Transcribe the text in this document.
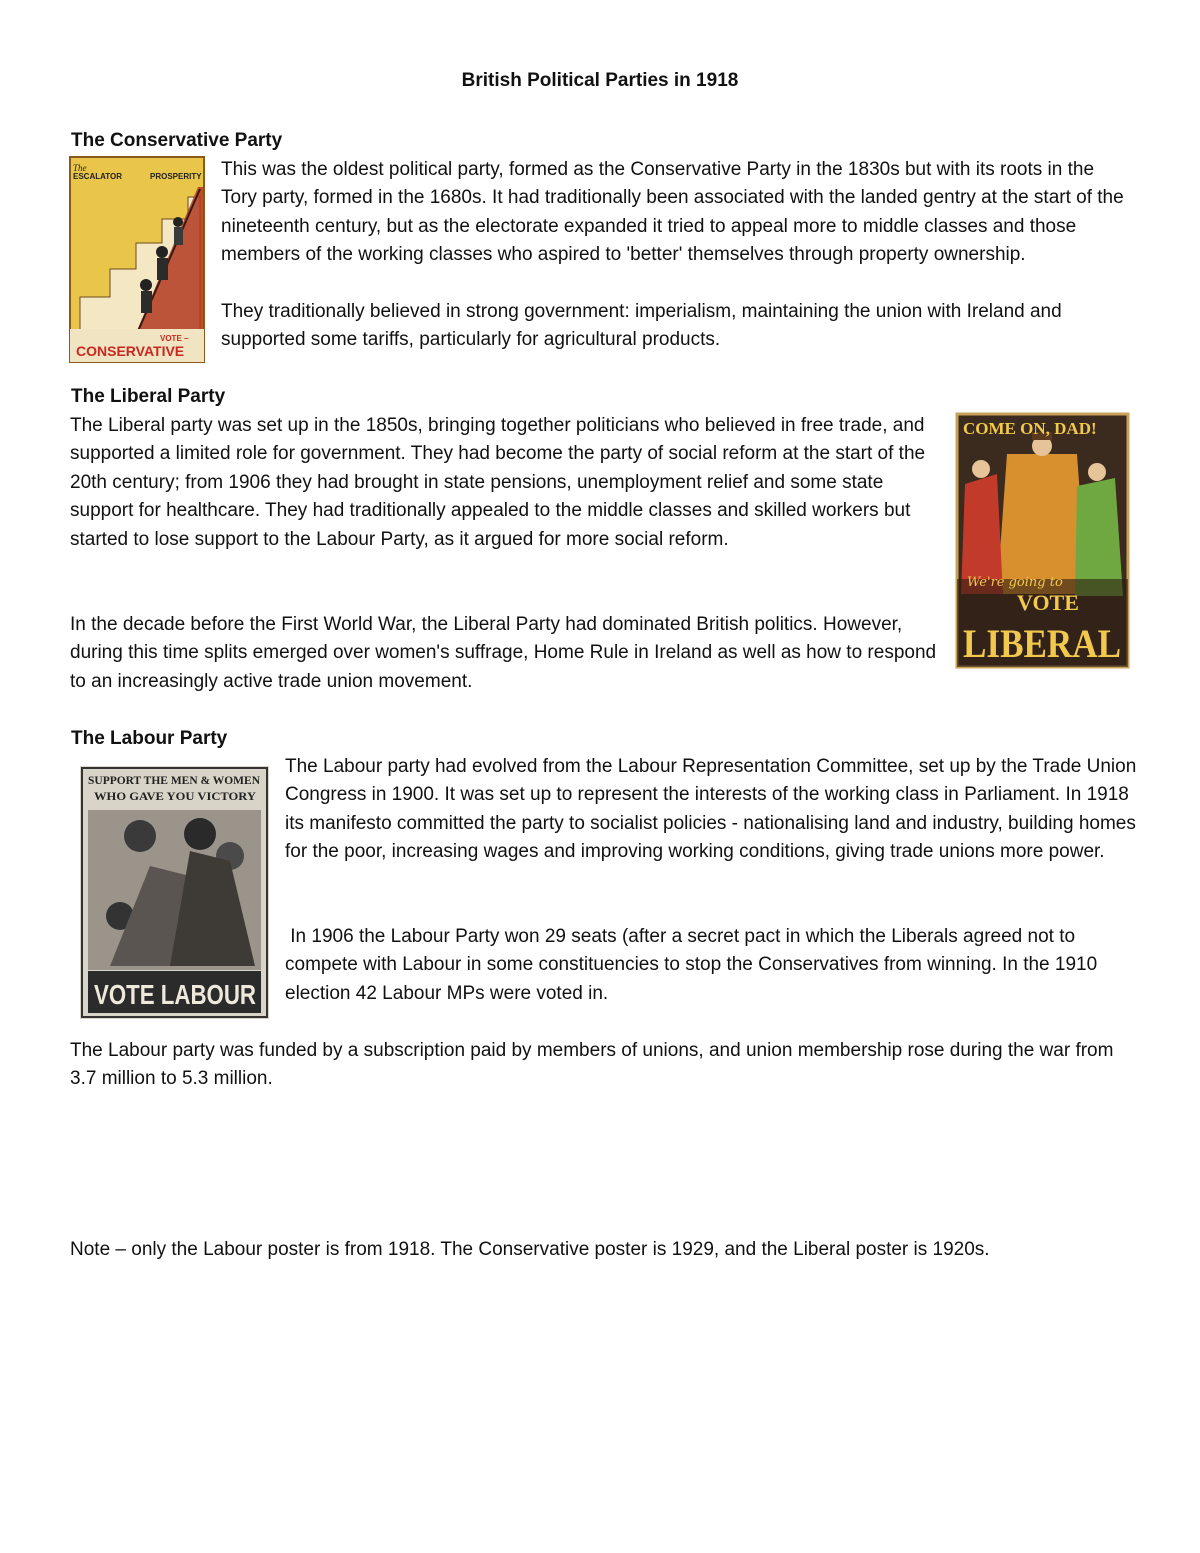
British Political Parties in 1918
The Conservative Party
The
ESCALATOR	PROSPERITY
VOTE –
CONSERVATIVE

This was the oldest political party, formed as the Conservative Party in the 1830s but with its roots in the Tory party, formed in the 1680s. It had traditionally been associated with the landed gentry at the start of the nineteenth century, but as the electorate expanded it tried to appeal more to middle classes and those members of the working classes who aspired to 'better' themselves through property ownership.

They traditionally believed in strong government: imperialism, maintaining the union with Ireland and supported some tariffs, particularly for agricultural products.

The Liberal Party

The Liberal party was set up in the 1850s, bringing together politicians who believed in free trade, and supported a limited role for government. They had become the party of social reform at the start of the 20th century; from 1906 they had brought in state pensions, unemployment relief and some state support for healthcare. They had traditionally appealed to the middle classes and skilled workers but started to lose support to the Labour Party, as it argued for more social reform.

In the decade before the First World War, the Liberal Party had dominated British politics. However, during this time splits emerged over women's suffrage, Home Rule in Ireland as well as how to respond to an increasingly active trade union movement.

COME ON, DAD!
We're going to
VOTE
LIBERAL
The Labour Party
SUPPORT THE MEN & WOMEN
WHO GAVE YOU VICTORY
VOTE LABOUR

The Labour party had evolved from the Labour Representation Committee, set up by the Trade Union Congress in 1900. It was set up to represent the interests of the working class in Parliament. In 1918 its manifesto committed the party to socialist policies - nationalising land and industry, building homes for the poor, increasing wages and improving working conditions, giving trade unions more power.

In 1906 the Labour Party won 29 seats (after a secret pact in which the Liberals agreed not to compete with Labour in some constituencies to stop the Conservatives from winning. In the 1910 election 42 Labour MPs were voted in.

The Labour party was funded by a subscription paid by members of unions, and union membership rose during the war from 3.7 million to 5.3 million.

Note – only the Labour poster is from 1918. The Conservative poster is 1929, and the Liberal poster is 1920s.
